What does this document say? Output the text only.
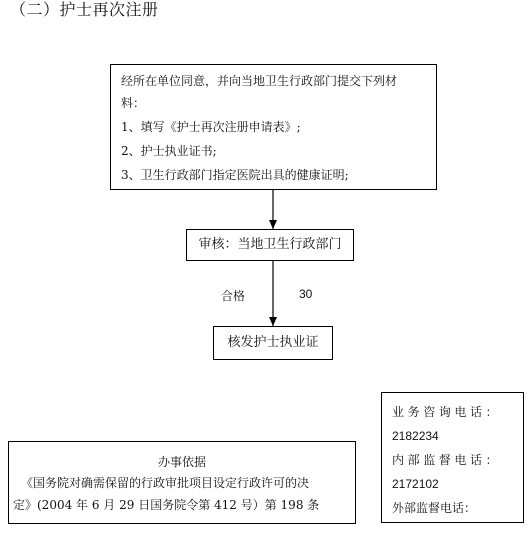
（二）护士再次注册
经所在单位同意，并向当地卫生行政部门提交下列材
料：
1、填写《护士再次注册申请表》;
2、护士执业证书;
3、卫生行政部门指定医院出具的健康证明;
审核：当地卫生行政部门
合格	30
核发护士执业证
业务咨询电话：
2182234
内部监督电话：
2172102
外部监督电话：
办事依据
《国务院对确需保留的行政审批项目设定行政许可的决
定》(2004 年 6 月 29 日国务院令第 412 号）第 198 条
